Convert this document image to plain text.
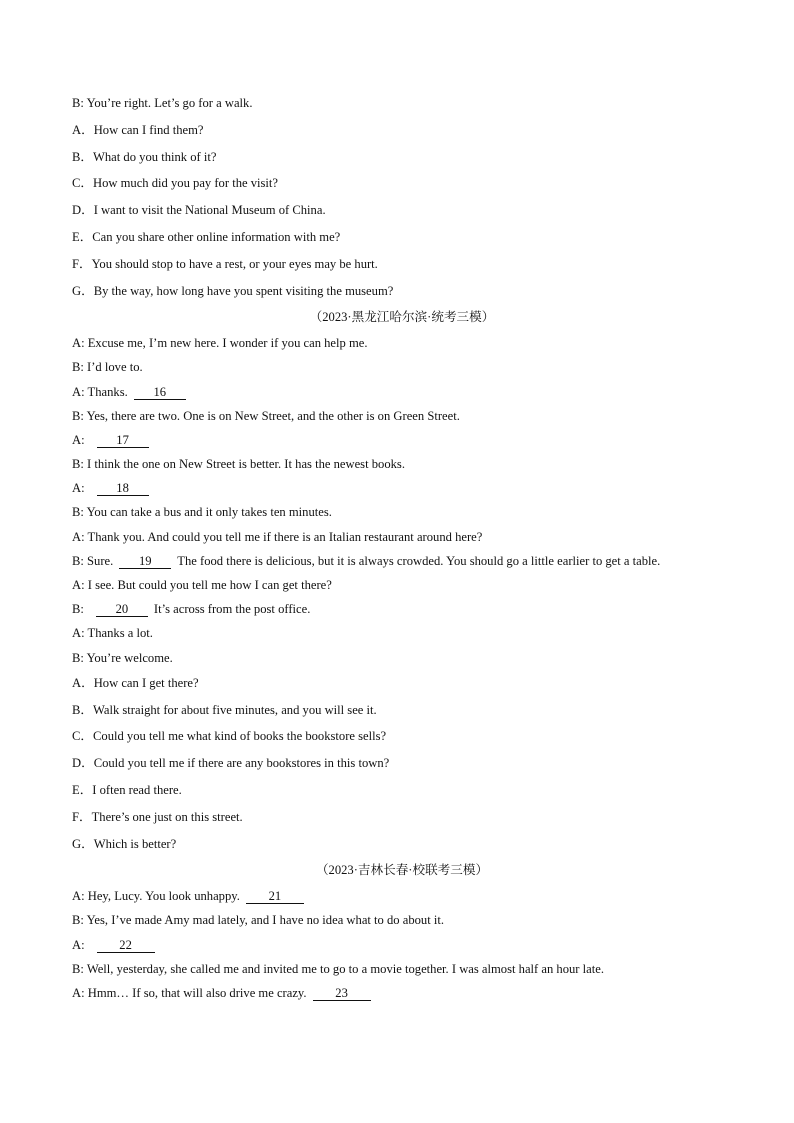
B: You’re right. Let’s go for a walk.
A．How can I find them?
B．What do you think of it?
C．How much did you pay for the visit?
D．I want to visit the National Museum of China.
E．Can you share other online information with me?
F．You should stop to have a rest, or your eyes may be hurt.
G．By the way, how long have you spent visiting the museum?
（2023·黑龙江哈尔滨·统考三模）
A: Excuse me, I’m new here. I wonder if you can help me.
B: I’d love to.
A: Thanks. 16
B: Yes, there are two. One is on New Street, and the other is on Green Street.
A:	17
B: I think the one on New Street is better. It has the newest books.
A:	18
B: You can take a bus and it only takes ten minutes.
A: Thank you. And could you tell me if there is an Italian restaurant around here?
B: Sure. 19 The food there is delicious, but it is always crowded. You should go a little earlier to get a table.
A: I see. But could you tell me how I can get there?
B:	20 It’s across from the post office.
A: Thanks a lot.
B: You’re welcome.
A．How can I get there?
B．Walk straight for about five minutes, and you will see it.
C．Could you tell me what kind of books the bookstore sells?
D．Could you tell me if there are any bookstores in this town?
E．I often read there.
F．There’s one just on this street.
G．Which is better?
（2023·吉林长春·校联考三模）
A: Hey, Lucy. You look unhappy. 21
B: Yes, I’ve made Amy mad lately, and I have no idea what to do about it.
A:	22
B: Well, yesterday, she called me and invited me to go to a movie together. I was almost half an hour late.
A: Hmm… If so, that will also drive me crazy. 23
